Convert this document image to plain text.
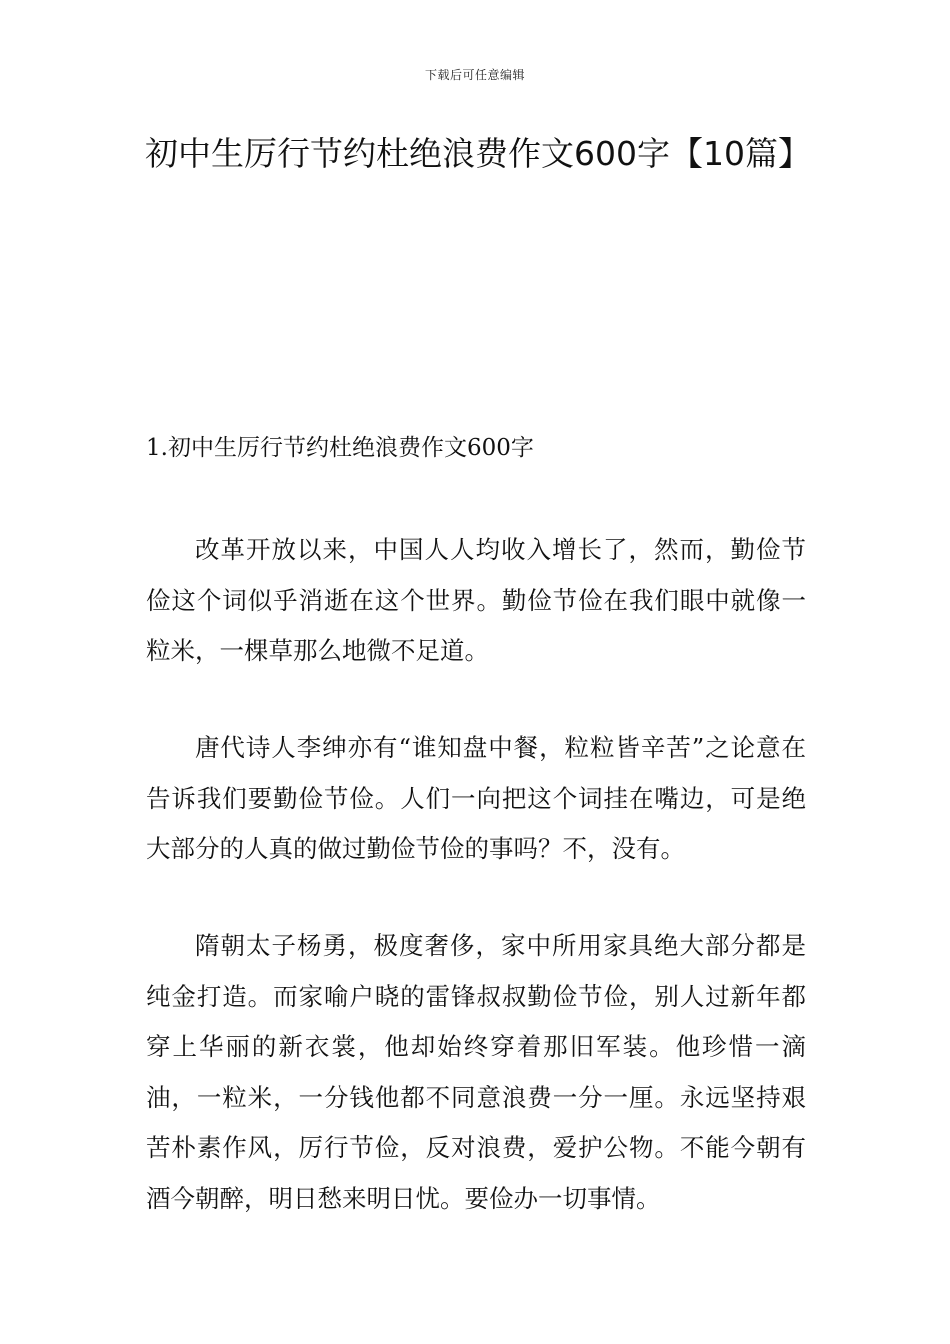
下载后可任意编辑
初中生厉行节约杜绝浪费作文600字【10篇】
1.初中生厉行节约杜绝浪费作文600字

改革开放以来，中国人人均收入增长了，然而，勤俭节俭这个词似乎消逝在这个世界。勤俭节俭在我们眼中就像一粒米，一棵草那么地微不足道。

唐代诗人李绅亦有“谁知盘中餐，粒粒皆辛苦”之论意在告诉我们要勤俭节俭。人们一向把这个词挂在嘴边，可是绝大部分的人真的做过勤俭节俭的事吗？不，没有。

隋朝太子杨勇，极度奢侈，家中所用家具绝大部分都是纯金打造。而家喻户晓的雷锋叔叔勤俭节俭，别人过新年都穿上华丽的新衣裳，他却始终穿着那旧军装。他珍惜一滴油，一粒米，一分钱他都不同意浪费一分一厘。永远坚持艰苦朴素作风，厉行节俭，反对浪费，爱护公物。不能今朝有酒今朝醉，明日愁来明日忧。要俭办一切事情。
